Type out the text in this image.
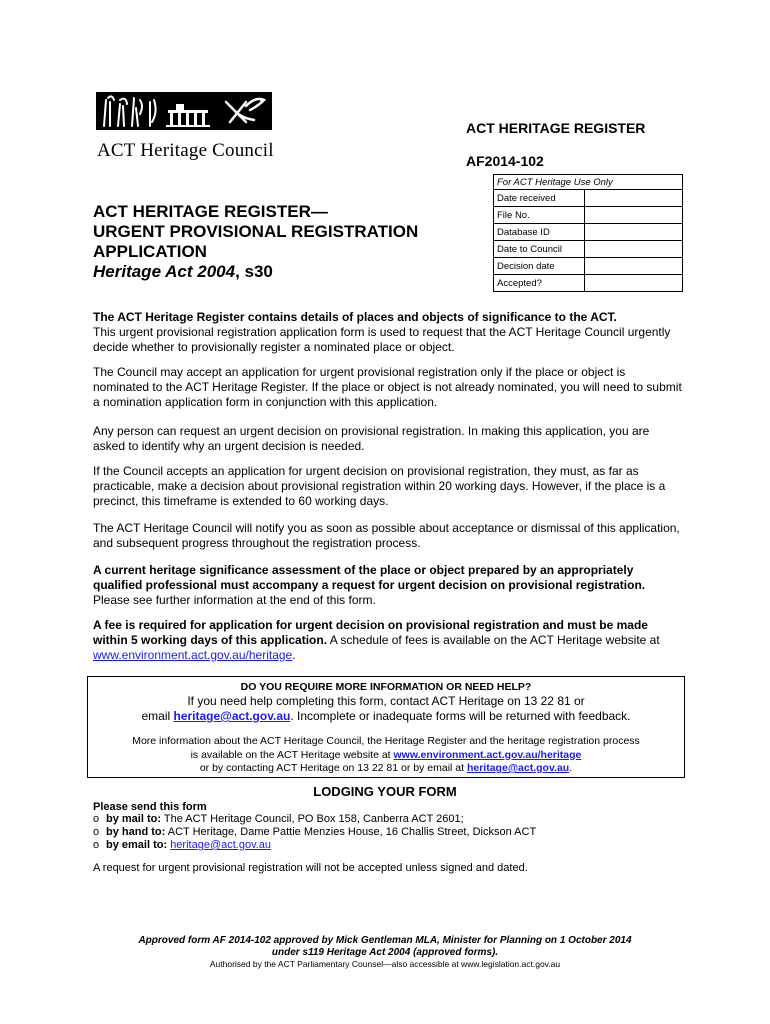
ACT Heritage Council
ACT HERITAGE REGISTER
AF2014-102
For ACT Heritage Use Only	
Date received	
File No.	
Database ID	
Date to Council	
Decision date	
Accepted?	
ACT HERITAGE REGISTER—
URGENT PROVISIONAL REGISTRATION
APPLICATION
Heritage Act 2004, s30
The ACT Heritage Register contains details of places and objects of significance to the ACT.
This urgent provisional registration application form is used to request that the ACT Heritage Council urgently decide whether to provisionally register a nominated place or object.
The Council may accept an application for urgent provisional registration only if the place or object is nominated to the ACT Heritage Register. If the place or object is not already nominated, you will need to submit a nomination application form in conjunction with this application.
Any person can request an urgent decision on provisional registration. In making this application, you are asked to identify why an urgent decision is needed.
If the Council accepts an application for urgent decision on provisional registration, they must, as far as practicable, make a decision about provisional registration within 20 working days. However, if the place is a precinct, this timeframe is extended to 60 working days.
The ACT Heritage Council will notify you as soon as possible about acceptance or dismissal of this application, and subsequent progress throughout the registration process.
A current heritage significance assessment of the place or object prepared by an appropriately qualified professional must accompany a request for urgent decision on provisional registration. Please see further information at the end of this form.
A fee is required for application for urgent decision on provisional registration and must be made within 5 working days of this application. A schedule of fees is available on the ACT Heritage website at www.environment.act.gov.au/heritage.
DO YOU REQUIRE MORE INFORMATION OR NEED HELP?
If you need help completing this form, contact ACT Heritage on 13 22 81 or
email heritage@act.gov.au. Incomplete or inadequate forms will be returned with feedback.
More information about the ACT Heritage Council, the Heritage Register and the heritage registration process
is available on the ACT Heritage website at www.environment.act.gov.au/heritage
or by contacting ACT Heritage on 13 22 81 or by email at heritage@act.gov.au.
LODGING YOUR FORM
Please send this form
o by mail to: The ACT Heritage Council, PO Box 158, Canberra ACT 2601;
o by hand to: ACT Heritage, Dame Pattie Menzies House, 16 Challis Street, Dickson ACT
o by email to: heritage@act.gov.au
A request for urgent provisional registration will not be accepted unless signed and dated.
Approved form AF 2014-102 approved by Mick Gentleman MLA, Minister for Planning on 1 October 2014
under s119 Heritage Act 2004 (approved forms).
Authorised by the ACT Parliamentary Counsel—also accessible at www.legislation.act.gov.au
